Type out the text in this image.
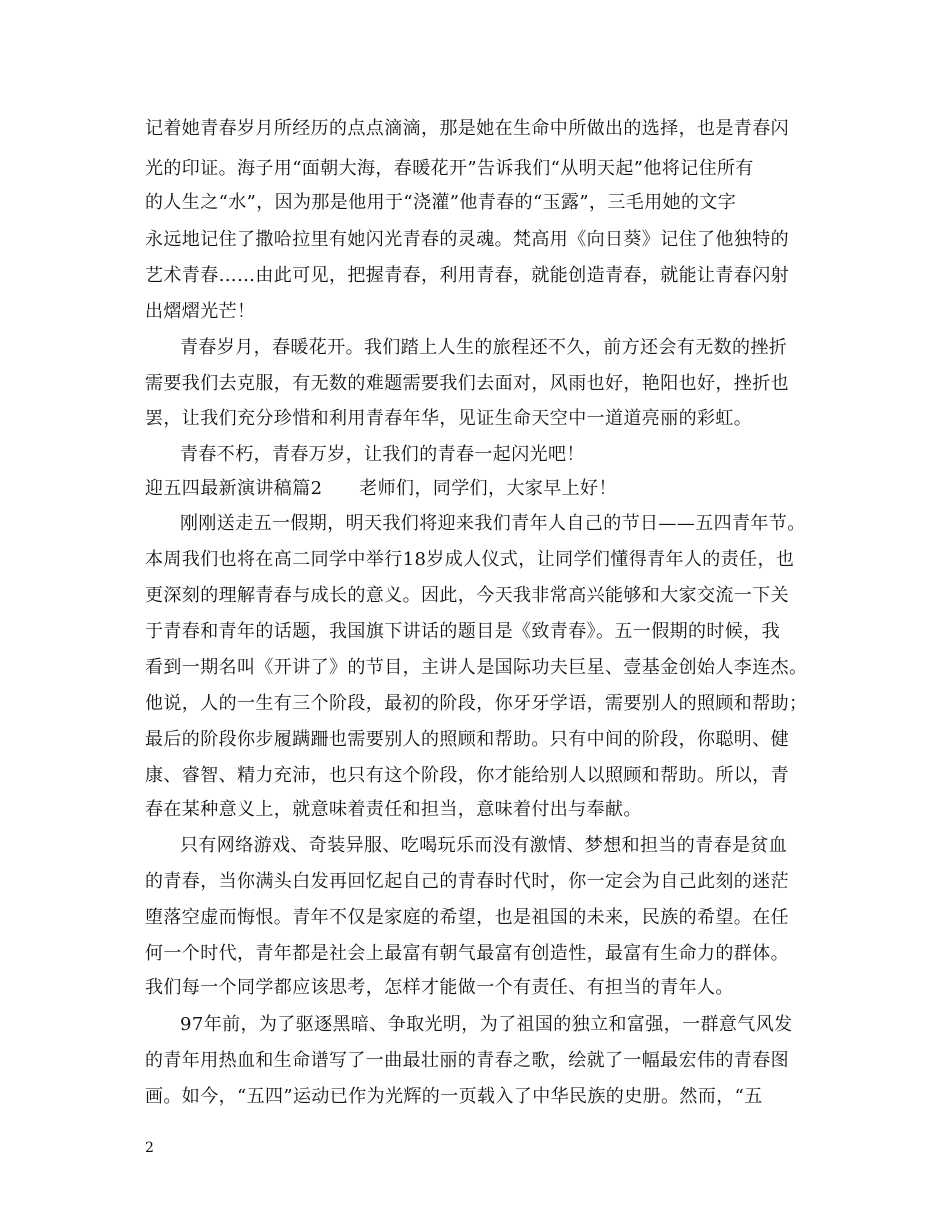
记着她青春岁月所经历的点点滴滴，那是她在生命中所做出的选择，也是青春闪
光的印证。海子用“面朝大海，春暖花开”告诉我们“从明天起”他将记住所有
的人生之“水”，因为那是他用于“浇灌”他青春的“玉露”，三毛用她的文字
永远地记住了撒哈拉里有她闪光青春的灵魂。梵高用《向日葵》记住了他独特的
艺术青春……由此可见，把握青春，利用青春，就能创造青春，就能让青春闪射
出熠熠光芒！
青春岁月，春暖花开。我们踏上人生的旅程还不久，前方还会有无数的挫折
需要我们去克服，有无数的难题需要我们去面对，风雨也好，艳阳也好，挫折也
罢，让我们充分珍惜和利用青春年华，见证生命天空中一道道亮丽的彩虹。
青春不朽，青春万岁，让我们的青春一起闪光吧！
迎五四最新演讲稿篇2　　老师们，同学们，大家早上好！
刚刚送走五一假期，明天我们将迎来我们青年人自己的节日——五四青年节。
本周我们也将在高二同学中举行18岁成人仪式，让同学们懂得青年人的责任，也
更深刻的理解青春与成长的意义。因此，今天我非常高兴能够和大家交流一下关
于青春和青年的话题，我国旗下讲话的题目是《致青春》。五一假期的时候，我
看到一期名叫《开讲了》的节目，主讲人是国际功夫巨星、壹基金创始人李连杰。
他说，人的一生有三个阶段，最初的阶段，你牙牙学语，需要别人的照顾和帮助；
最后的阶段你步履蹒跚也需要别人的照顾和帮助。只有中间的阶段，你聪明、健
康、睿智、精力充沛，也只有这个阶段，你才能给别人以照顾和帮助。所以，青
春在某种意义上，就意味着责任和担当，意味着付出与奉献。
只有网络游戏、奇装异服、吃喝玩乐而没有激情、梦想和担当的青春是贫血
的青春，当你满头白发再回忆起自己的青春时代时，你一定会为自己此刻的迷茫
堕落空虚而悔恨。青年不仅是家庭的希望，也是祖国的未来，民族的希望。在任
何一个时代，青年都是社会上最富有朝气最富有创造性，最富有生命力的群体。
我们每一个同学都应该思考，怎样才能做一个有责任、有担当的青年人。
97年前，为了驱逐黑暗、争取光明，为了祖国的独立和富强，一群意气风发
的青年用热血和生命谱写了一曲最壮丽的青春之歌，绘就了一幅最宏伟的青春图
画。如今，“五四”运动已作为光辉的一页载入了中华民族的史册。然而，“五
2
